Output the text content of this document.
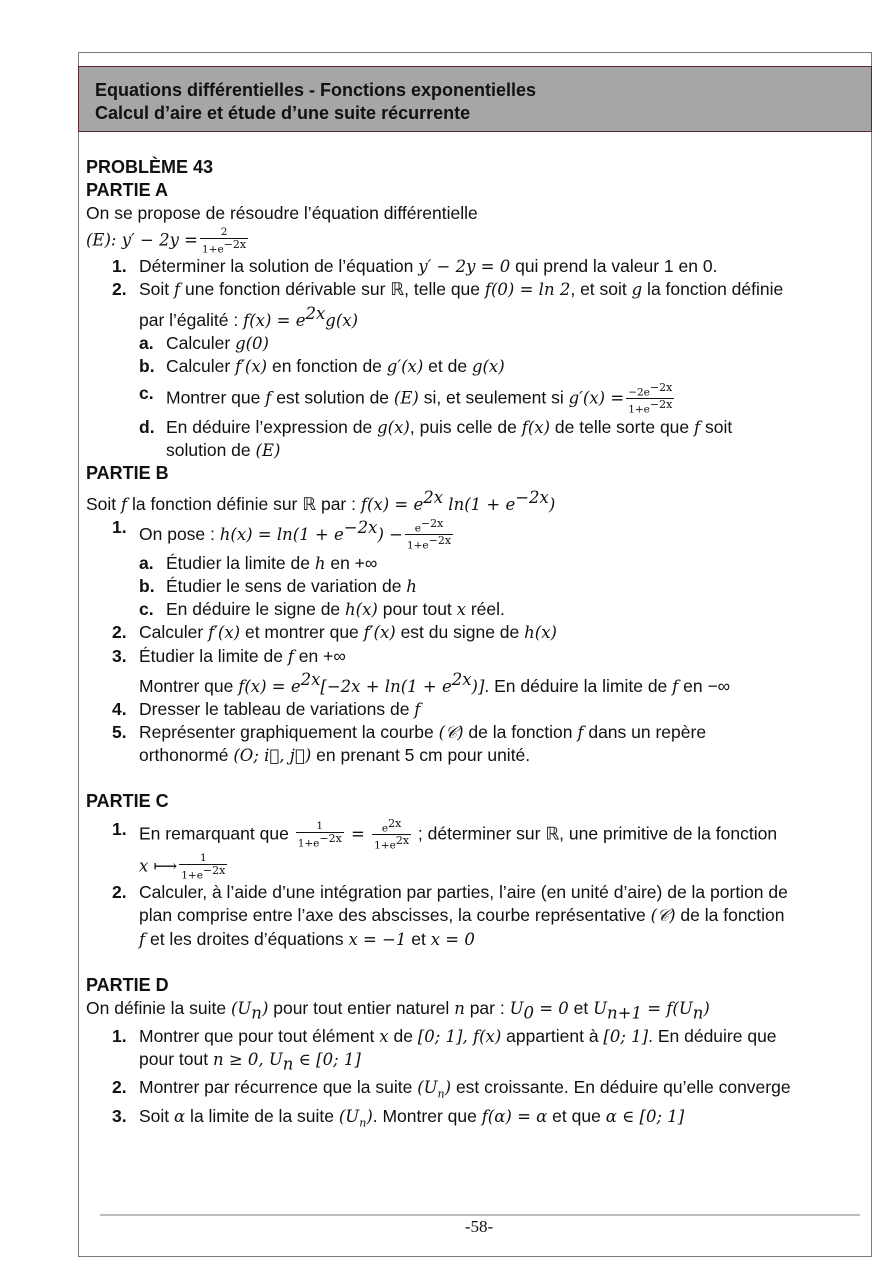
Equations différentielles - Fonctions exponentielles
Calcul d’aire et étude d’une suite récurrente
PROBLÈME 43
PARTIE A
On se propose de résoudre l’équation différentielle
(E): $y' - 2y = \frac{2}{1+e^{-2x}}$
1. Déterminer la solution de l’équation y′ − 2y = 0 qui prend la valeur 1 en 0.
2. Soit f une fonction dérivable sur ℝ, telle que f(0) = ln 2, et soit g la fonction définie
par l’égalité : $f(x) = e^{2x}g(x)$
a. Calculer g(0)
b. Calculer f′(x) en fonction de g′(x) et de g(x)
c. Montrer que f est solution de (E) si, et seulement si $g'(x) = \frac{-2e^{-2x}}{1+e^{-2x}}$
d. En déduire l’expression de g(x), puis celle de f(x) de telle sorte que f soit
solution de (E)
PARTIE B
Soit f la fonction définie sur ℝ par : $f(x) = e^{2x}$ $\ln(1 + e^{-2x})$
1. On pose : $h(x) = \ln(1 + e^{-2x}) - \frac{e^{-2x}}{1+e^{-2x}}$
a. Étudier la limite de h en +∞
b. Étudier le sens de variation de h
c. En déduire le signe de h(x) pour tout x réel.
2. Calculer f′(x) et montrer que f′(x) est du signe de h(x)
3. Étudier la limite de f en +∞
Montrer que $f(x) = e^{2x}[-2x + \ln(1 + e^{2x})]$. En déduire la limite de f en −∞
4. Dresser le tableau de variations de f
5. Représenter graphiquement la courbe (𝒞) de la fonction f dans un repère
orthonormé (O; i⃗, j⃗) en prenant 5 cm pour unité.
PARTIE C
1. En remarquant que $\frac{1}{1+e^{-2x}} = \frac{e^{2x}}{1+e^{2x}}$ ; déterminer sur ℝ, une primitive de la fonction
x ⟼ $\frac{1}{1+e^{-2x}}$
2. Calculer, à l’aide d’une intégration par parties, l’aire (en unité d’aire) de la portion de
plan comprise entre l’axe des abscisses, la courbe représentative (𝒞) de la fonction
f et les droites d’équations x = −1 et x = 0
PARTIE D
On définie la suite $(U_n)$ pour tout entier naturel n par : $U_0 = 0$ et $U_{n+1} = f(U_n)$
1. Montrer que pour tout élément x de [0; 1], f(x) appartient à [0; 1]. En déduire que
pour tout n ≥ 0, $U_n$ ∈ [0; 1]
2. Montrer par récurrence que la suite $(U_n)$ est croissante. En déduire qu’elle converge
3. Soit α la limite de la suite $(U_n)$. Montrer que f(α) = α et que α ∈ [0; 1]
-58-
